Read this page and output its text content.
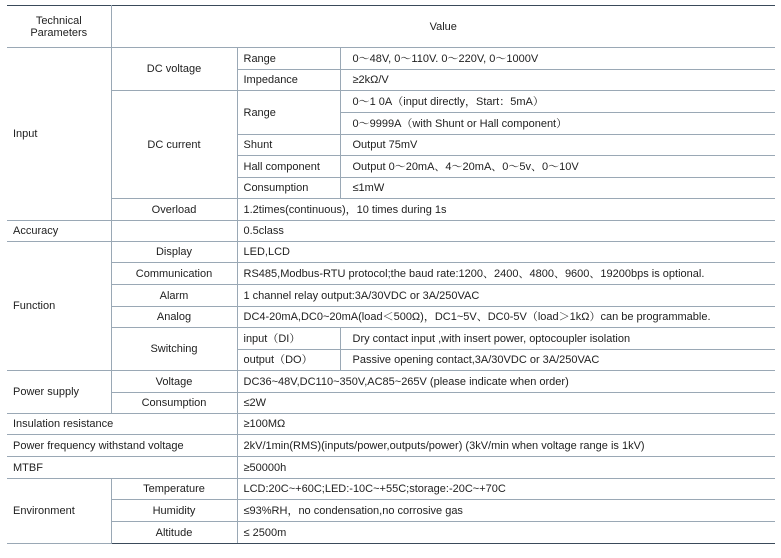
Technical
Parameters	Value		
Input	DC voltage	Range	0～48V, 0～110V. 0～220V, 0～1000V
		Impedance	≥2kΩ/V
	DC current	Range	0～1 0A（input directly，Start：5mA）
			0～9999A（with Shunt or Hall component）
		Shunt	Output 75mV
		Hall component	Output 0～20mA、4～20mA、0～5v、0～10V
		Consumption	≤1mW
	Overload	1.2times(continuous)，10 times during 1s	
Accuracy		0.5class	
Function	Display	LED,LCD	
	Communication	RS485,Modbus-RTU protocol;the baud rate:1200、2400、4800、9600、19200bps is optional.	
	Alarm	1 channel relay output:3A/30VDC or 3A/250VAC	
	Analog	DC4-20mA,DC0~20mA(load＜500Ω)，DC1~5V、DC0-5V（load＞1kΩ）can be programmable.	
	Switching	input（DI）	Dry contact input ,with insert power, optocoupler isolation
		output（DO）	Passive opening contact,3A/30VDC or 3A/250VAC
Power supply	Voltage	DC36~48V,DC110~350V,AC85~265V (please indicate when order)	
	Consumption	≤2W	
Insulation resistance		≥100MΩ	
Power frequency withstand voltage		2kV/1min(RMS)(inputs/power,outputs/power) (3kV/min when voltage range is 1kV)	
MTBF		≥50000h	
Environment	Temperature	LCD:20C~+60C;LED:-10C~+55C;storage:-20C~+70C	
	Humidity	≤93%RH，no condensation,no corrosive gas	
	Altitude	≤ 2500m	
